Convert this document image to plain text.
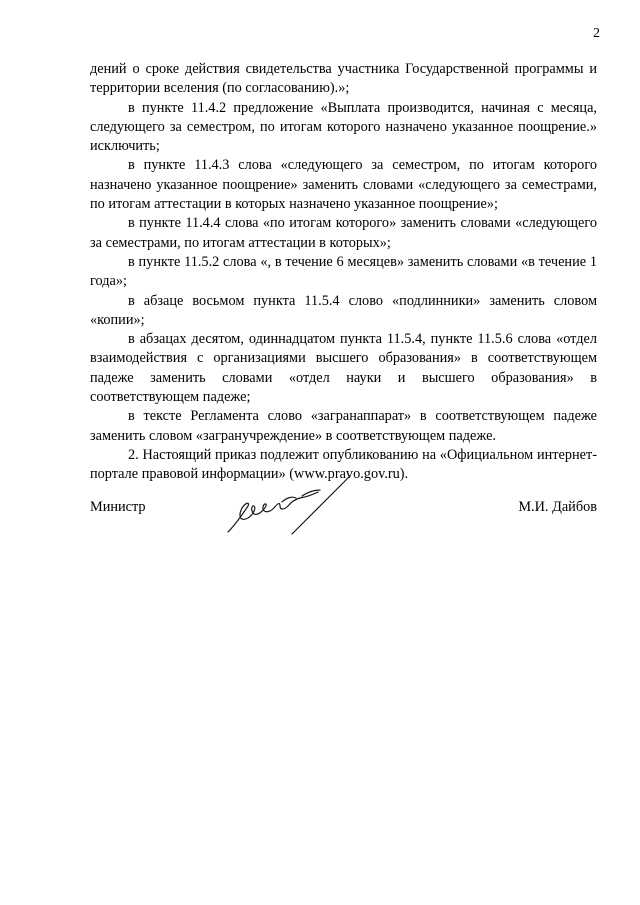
2

дений о сроке действия свидетельства участника Государственной программы и территории вселения (по согласованию).»;

в пункте 11.4.2 предложение «Выплата производится, начиная с месяца, следующего за семестром, по итогам которого назначено указанное поощрение.» исключить;

в пункте 11.4.3 слова «следующего за семестром, по итогам которого назначено указанное поощрение» заменить словами «следующего за семестрами, по итогам аттестации в которых назначено указанное поощрение»;

в пункте 11.4.4 слова «по итогам которого» заменить словами «следующего за семестрами, по итогам аттестации в которых»;

в пункте 11.5.2 слова «, в течение 6 месяцев» заменить словами «в течение 1 года»;

в абзаце восьмом пункта 11.5.4 слово «подлинники» заменить словом «копии»;

в абзацах десятом, одиннадцатом пункта 11.5.4, пункте 11.5.6 слова «отдел взаимодействия с организациями высшего образования» в соответствующем падеже заменить словами «отдел науки и высшего образования» в соответствующем падеже;

в тексте Регламента слово «загранаппарат» в соответствующем падеже заменить словом «загранучреждение» в соответствующем падеже.

2. Настоящий приказ подлежит опубликованию на «Официальном интернет-портале правовой информации» (www.pravo.gov.ru).

Министр	М.И. Дайбов
